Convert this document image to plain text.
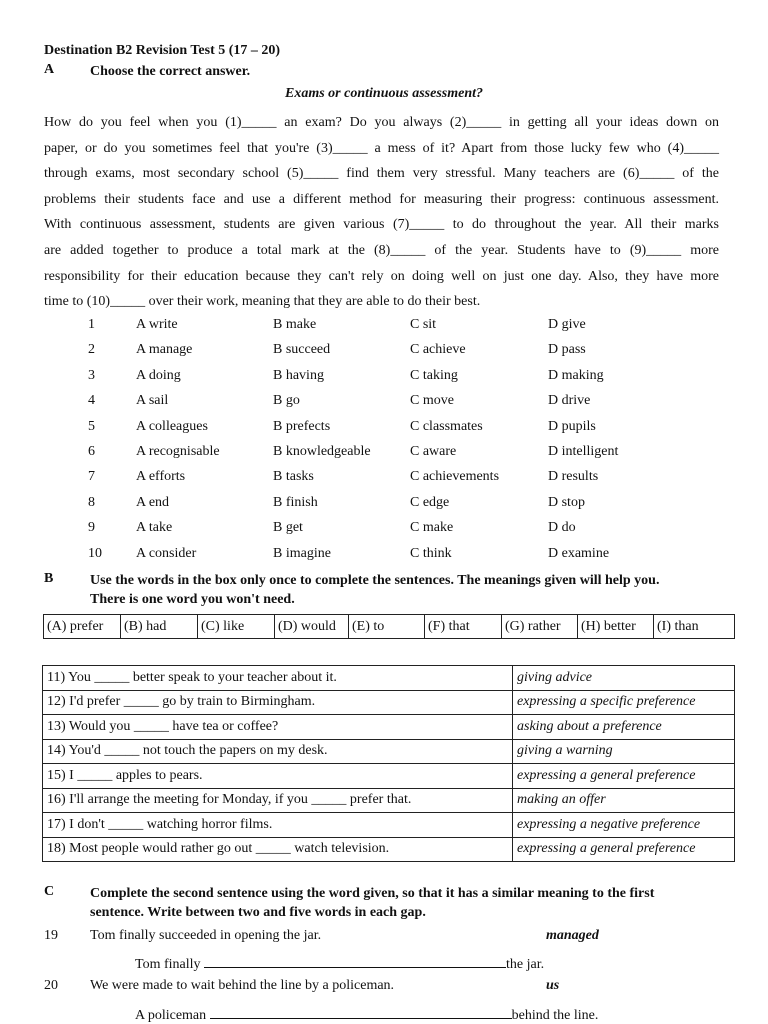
Destination B2 Revision Test 5 (17 – 20)
A	Choose the correct answer.
Exams or continuous assessment?
How do you feel when you (1)_____ an exam? Do you always (2)_____ in getting all your ideas down on
paper, or do you sometimes feel that you're (3)_____ a mess of it? Apart from those lucky few who (4)_____
through exams, most secondary school (5)_____ find them very stressful. Many teachers are (6)_____ of the
problems their students face and use a different method for measuring their progress: continuous assessment.
With continuous assessment, students are given various (7)_____ to do throughout the year. All their marks
are added together to produce a total mark at the (8)_____ of the year. Students have to (9)_____ more
responsibility for their education because they can't rely on doing well on just one day. Also, they have more
time to (10)_____ over their work, meaning that they are able to do their best.
1	A write	B make	C sit	D give
2	A manage	B succeed	C achieve	D pass
3	A doing	B having	C taking	D making
4	A sail	B go	C move	D drive
5	A colleagues	B prefects	C classmates	D pupils
6	A recognisable	B knowledgeable	C aware	D intelligent
7	A efforts	B tasks	C achievements	D results
8	A end	B finish	C edge	D stop
9	A take	B get	C make	D do
10 A consider	B imagine	C think	D examine
B	Use the words in the box only once to complete the sentences. The meanings given will help you.
There is one word you won't need.
(A) prefer	(B) had	(C) like	(D) would	(E) to	(F) that	(G) rather	(H) better	(I) than
11) You _____ better speak to your teacher about it.	giving advice
12) I'd prefer _____ go by train to Birmingham.	expressing a specific preference
13) Would you _____ have tea or coffee?	asking about a preference
14) You'd _____ not touch the papers on my desk.	giving a warning
15) I _____ apples to pears.	expressing a general preference
16) I'll arrange the meeting for Monday, if you _____ prefer that.	making an offer
17) I don't _____ watching horror films.	expressing a negative preference
18) Most people would rather go out _____ watch television.	expressing a general preference
C	Complete the second sentence using the word given, so that it has a similar meaning to the first
sentence. Write between two and five words in each gap.
19 Tom finally succeeded in opening the jar.	managed
Tom finally	the jar.
20 We were made to wait behind the line by a policeman.	us
A policeman	behind the line.
